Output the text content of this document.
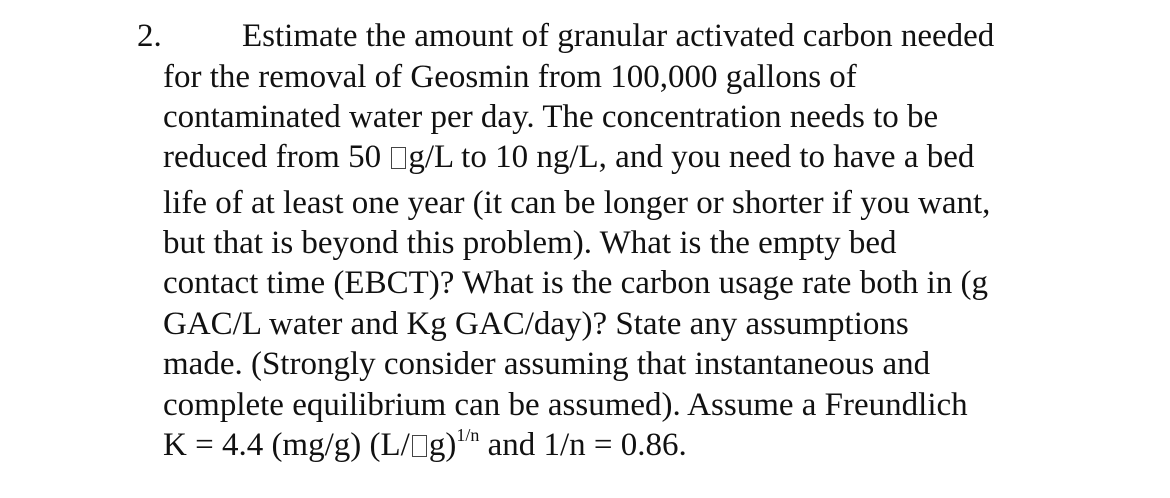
2. Estimate the amount of granular activated carbon needed
for the removal of Geosmin from 100,000 gallons of
contaminated water per day. The concentration needs to be
reduced from 50 g/L to 10 ng/L, and you need to have a bed
life of at least one year (it can be longer or shorter if you want,
but that is beyond this problem). What is the empty bed
contact time (EBCT)? What is the carbon usage rate both in (g
GAC/L water and Kg GAC/day)? State any assumptions
made. (Strongly consider assuming that instantaneous and
complete equilibrium can be assumed). Assume a Freundlich
K = 4.4 (mg/g) (L/ g)$^{1/n}$ and 1/n = 0.86.
